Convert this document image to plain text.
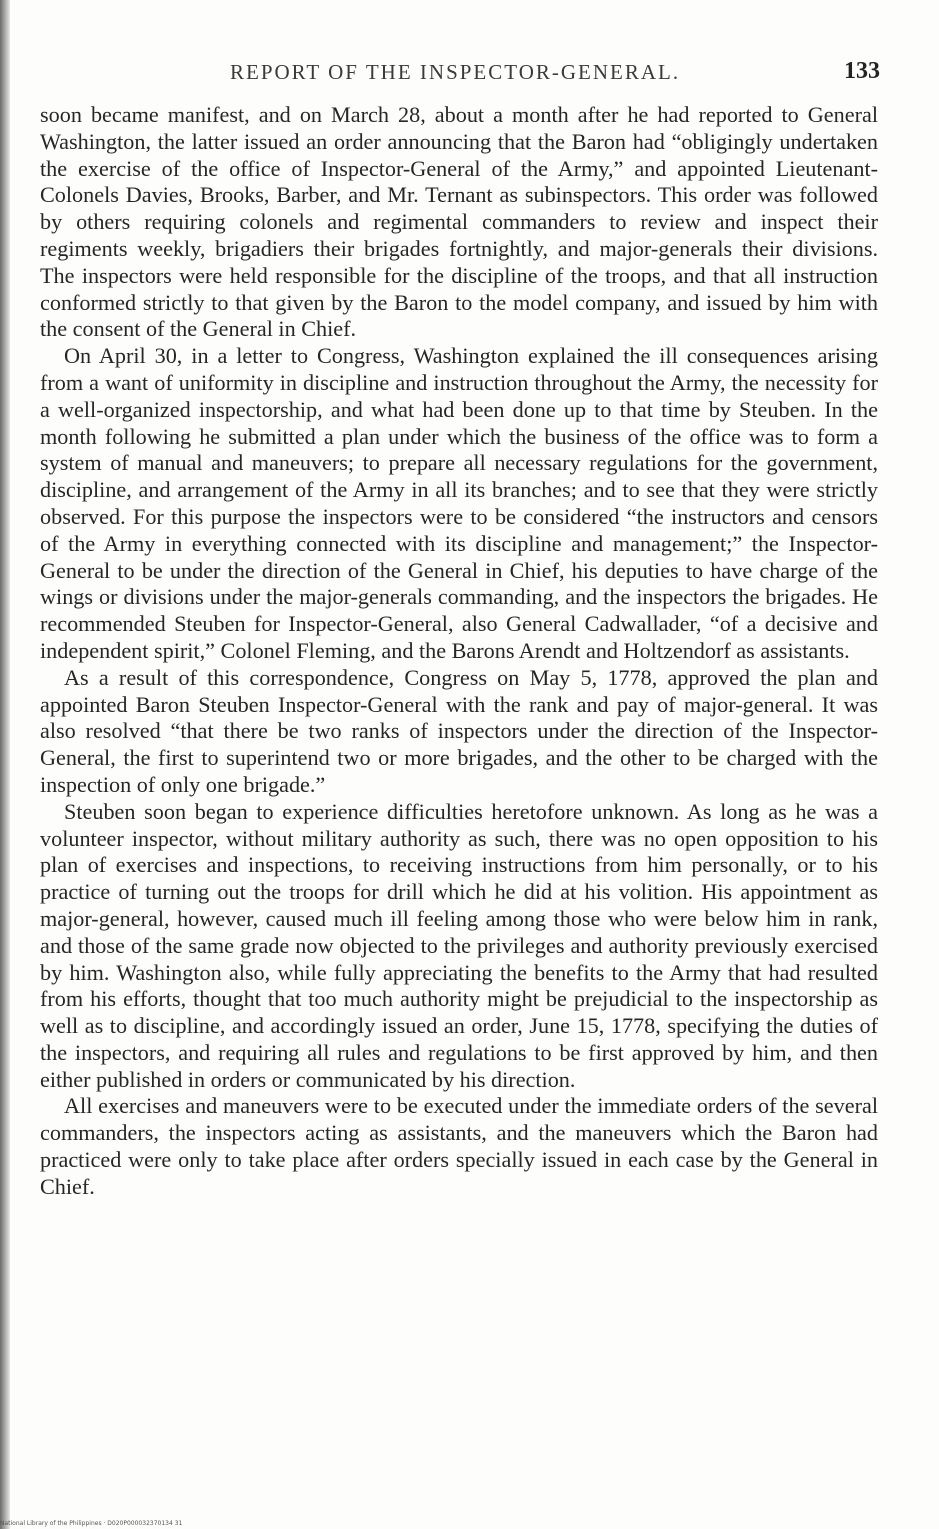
REPORT OF THE INSPECTOR-GENERAL.	133

soon became manifest, and on March 28, about a month after he had reported to General Washington, the latter issued an order announcing that the Baron had “obligingly undertaken the exercise of the office of Inspector-General of the Army,” and appointed Lieutenant-Colonels Davies, Brooks, Barber, and Mr. Ternant as subinspectors. This order was followed by others requiring colonels and regimental commanders to review and inspect their regiments weekly, brigadiers their brigades fortnightly, and major-generals their divisions. The inspectors were held responsible for the discipline of the troops, and that all instruction conformed strictly to that given by the Baron to the model company, and issued by him with the consent of the General in Chief.

On April 30, in a letter to Congress, Washington explained the ill consequences arising from a want of uniformity in discipline and instruction throughout the Army, the necessity for a well-organized inspectorship, and what had been done up to that time by Steuben. In the month following he submitted a plan under which the business of the office was to form a system of manual and maneuvers; to prepare all necessary regulations for the government, discipline, and arrangement of the Army in all its branches; and to see that they were strictly observed. For this purpose the inspectors were to be considered “the instructors and censors of the Army in everything connected with its discipline and management;” the Inspector-General to be under the direction of the General in Chief, his deputies to have charge of the wings or divisions under the major-generals commanding, and the inspectors the brigades. He recommended Steuben for Inspector-General, also General Cadwallader, “of a decisive and independent spirit,” Colonel Fleming, and the Barons Arendt and Holtzendorf as assistants.

As a result of this correspondence, Congress on May 5, 1778, approved the plan and appointed Baron Steuben Inspector-General with the rank and pay of major-general. It was also resolved “that there be two ranks of inspectors under the direction of the Inspector-General, the first to superintend two or more brigades, and the other to be charged with the inspection of only one brigade.”

Steuben soon began to experience difficulties heretofore unknown. As long as he was a volunteer inspector, without military authority as such, there was no open opposition to his plan of exercises and inspections, to receiving instructions from him personally, or to his practice of turning out the troops for drill which he did at his volition. His appointment as major-general, however, caused much ill feeling among those who were below him in rank, and those of the same grade now objected to the privileges and authority previously exercised by him. Washington also, while fully appreciating the benefits to the Army that had resulted from his efforts, thought that too much authority might be prejudicial to the inspectorship as well as to discipline, and accordingly issued an order, June 15, 1778, specifying the duties of the inspectors, and requiring all rules and regulations to be first approved by him, and then either published in orders or communicated by his direction.

All exercises and maneuvers were to be executed under the immediate orders of the several commanders, the inspectors acting as assistants, and the maneuvers which the Baron had practiced were only to take place after orders specially issued in each case by the General in Chief.

National Library of the Philippines · D020P000032370134 31
